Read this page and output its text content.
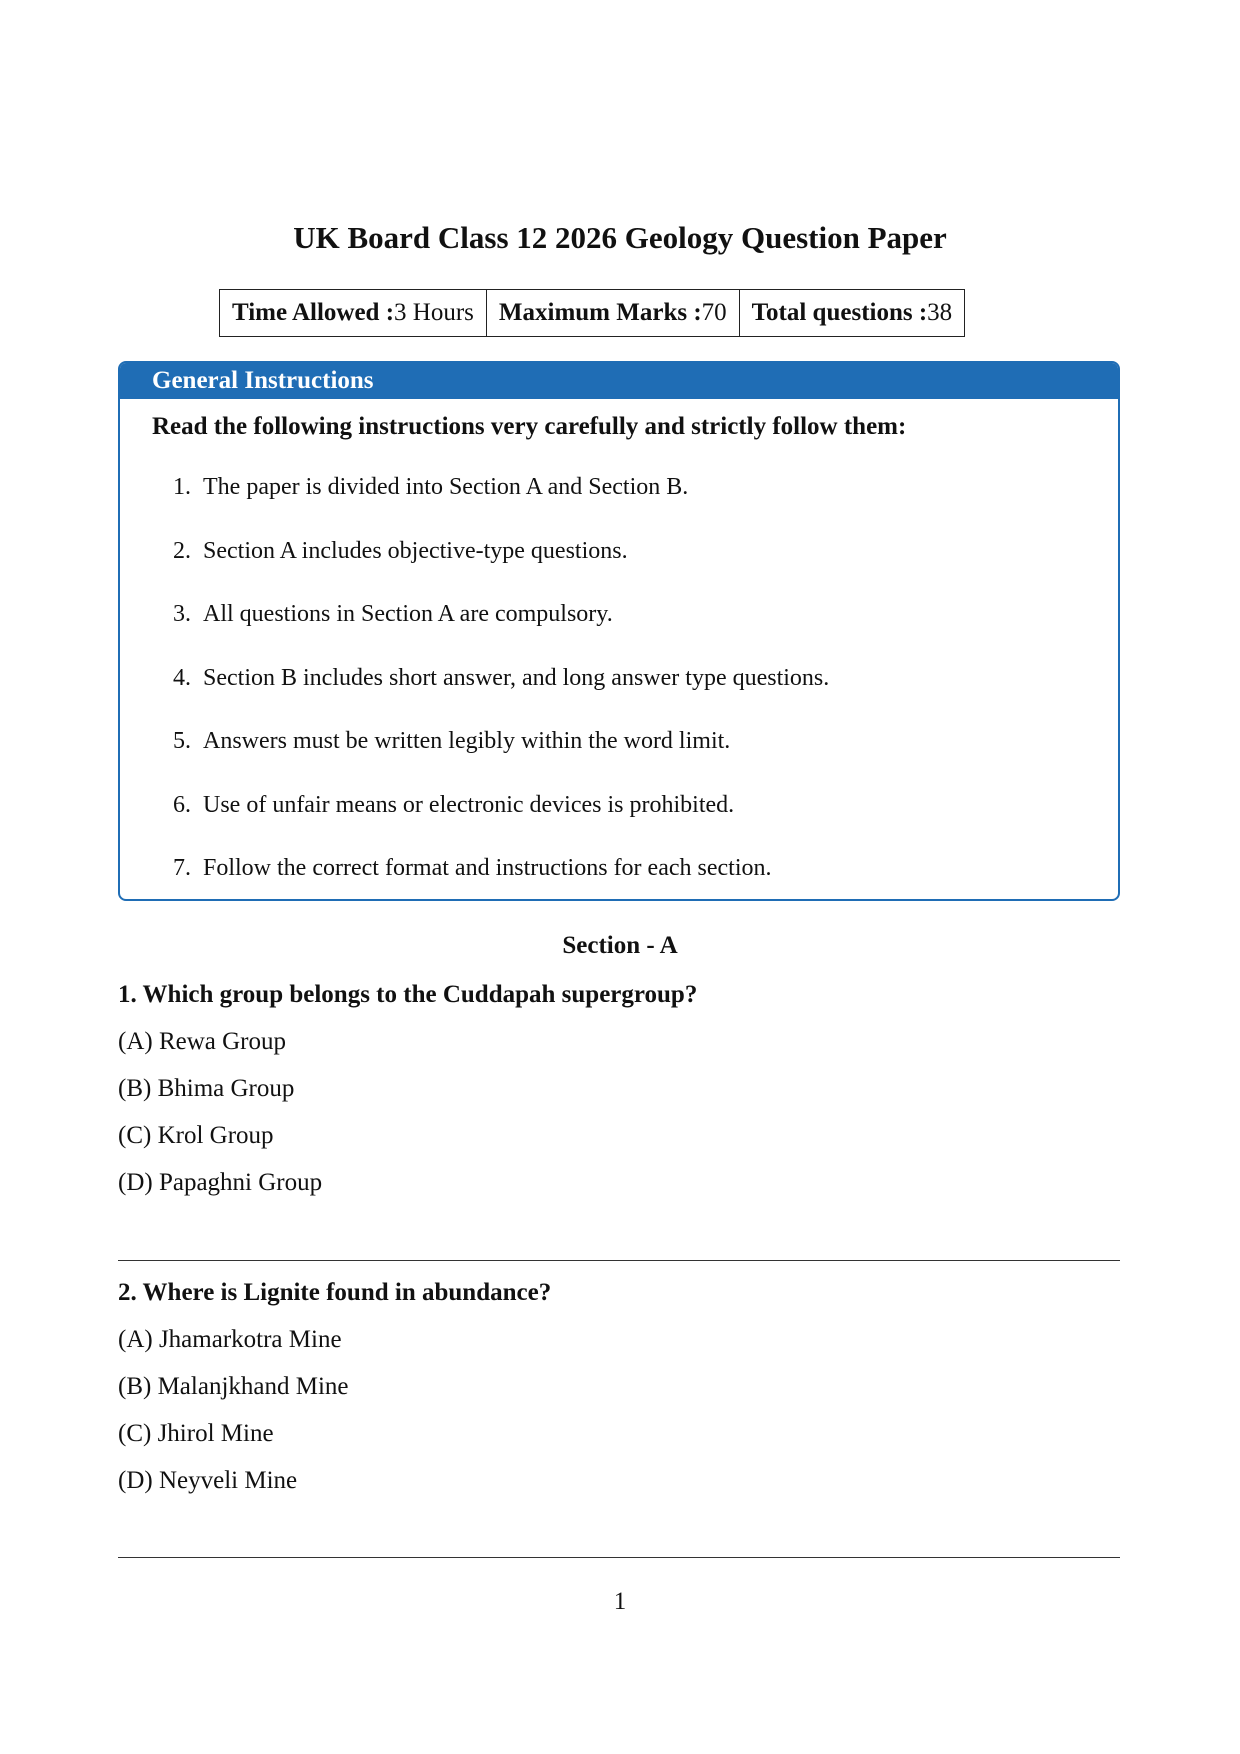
UK Board Class 12 2026 Geology Question Paper
Time Allowed :3 Hours	Maximum Marks :70	Total questions :38
General Instructions
Read the following instructions very carefully and strictly follow them:
1. The paper is divided into Section A and Section B.
2. Section A includes objective-type questions.
3. All questions in Section A are compulsory.
4. Section B includes short answer, and long answer type questions.
5. Answers must be written legibly within the word limit.
6. Use of unfair means or electronic devices is prohibited.
7. Follow the correct format and instructions for each section.
Section - A

1. Which group belongs to the Cuddapah supergroup?

(A) Rewa Group
(B) Bhima Group
(C) Krol Group
(D) Papaghni Group

2. Where is Lignite found in abundance?

(A) Jhamarkotra Mine
(B) Malanjkhand Mine
(C) Jhirol Mine
(D) Neyveli Mine
1
